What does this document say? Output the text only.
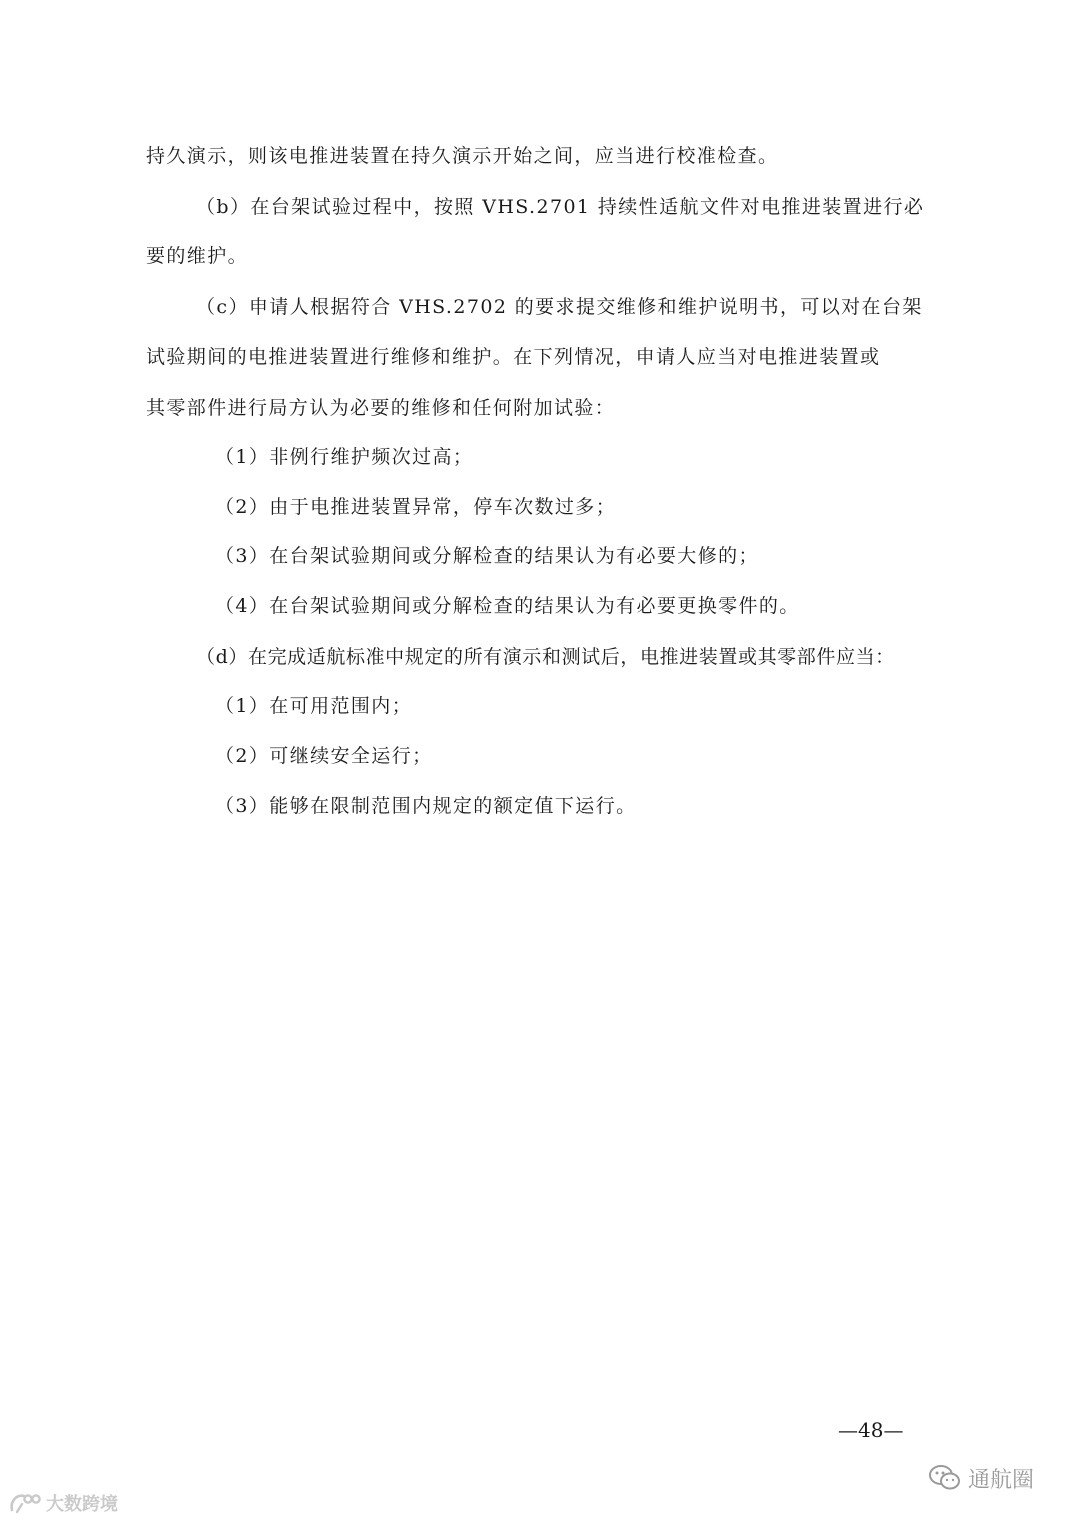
持久演示，则该电推进装置在持久演示开始之间，应当进行校准检查。
（b）在台架试验过程中，按照 VHS.2701 持续性适航文件对电推进装置进行必
要的维护。
（c）申请人根据符合 VHS.2702 的要求提交维修和维护说明书，可以对在台架
试验期间的电推进装置进行维修和维护。在下列情况，申请人应当对电推进装置或
其零部件进行局方认为必要的维修和任何附加试验：
（1）非例行维护频次过高；
（2）由于电推进装置异常，停车次数过多；
（3）在台架试验期间或分解检查的结果认为有必要大修的；
（4）在台架试验期间或分解检查的结果认为有必要更换零件的。
（d）在完成适航标准中规定的所有演示和测试后，电推进装置或其零部件应当：
（1）在可用范围内；
（2）可继续安全运行；
（3）能够在限制范围内规定的额定值下运行。
—48—
大数跨境
通航圈
